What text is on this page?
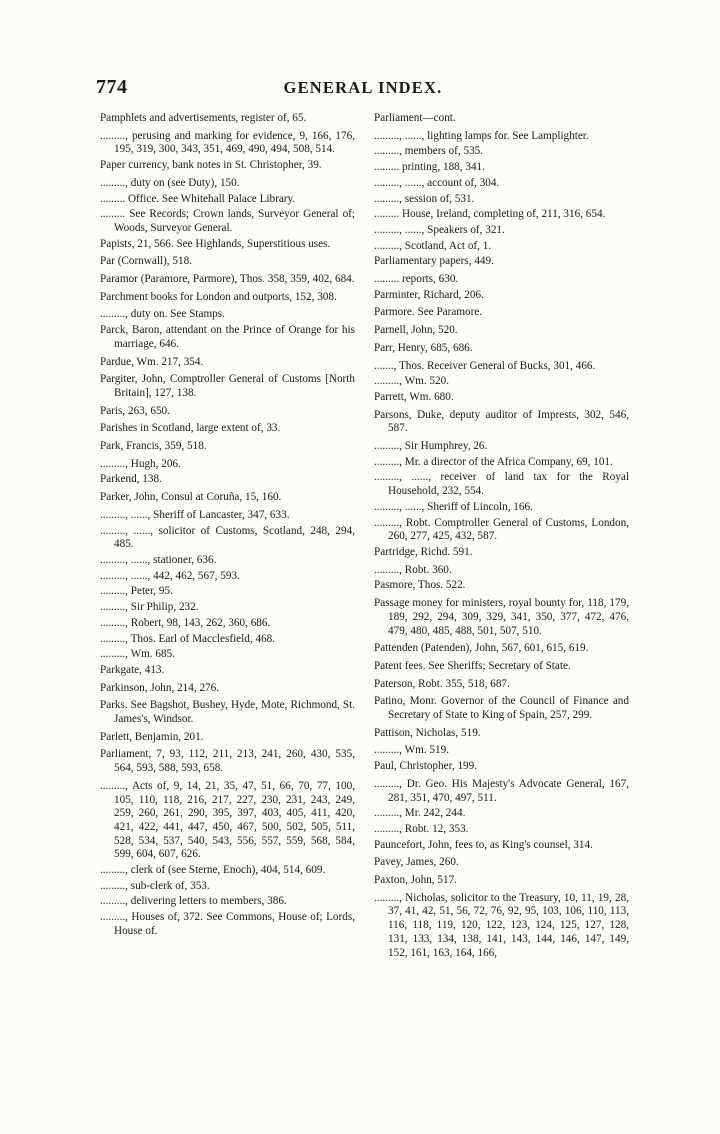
774	GENERAL INDEX.

Pamphlets and advertisements, register of, 65.

........., perusing and marking for evidence, 9, 166, 176, 195, 319, 300, 343, 351, 469, 490, 494, 508, 514.

Paper currency, bank notes in St. Christopher, 39.

........., duty on (see Duty), 150.

......... Office. See Whitehall Palace Library.

......... See Records; Crown lands, Surveyor General of; Woods, Surveyor General.

Papists, 21, 566. See Highlands, Superstitious uses.

Par (Cornwall), 518.

Paramor (Paramore, Parmore), Thos. 358, 359, 402, 684.

Parchment books for London and outports, 152, 308.

........., duty on. See Stamps.

Parck, Baron, attendant on the Prince of Orange for his marriage, 646.

Pardue, Wm. 217, 354.

Pargiter, John, Comptroller General of Customs [North Britain], 127, 138.

Paris, 263, 650.

Parishes in Scotland, large extent of, 33.

Park, Francis, 359, 518.

........., Hugh, 206.

Parkend, 138.

Parker, John, Consul at Coruña, 15, 160.

........., ......, Sheriff of Lancaster, 347, 633.

........., ......, solicitor of Customs, Scotland, 248, 294, 485.

........., ......, stationer, 636.

........., ......, 442, 462, 567, 593.

........., Peter, 95.

........., Sir Philip, 232.

........., Robert, 98, 143, 262, 360, 686.

........., Thos. Earl of Macclesfield, 468.

........., Wm. 685.

Parkgate, 413.

Parkinson, John, 214, 276.

Parks. See Bagshot, Bushey, Hyde, Mote, Richmond, St. James's, Windsor.

Parlett, Benjamin, 201.

Parliament, 7, 93, 112, 211, 213, 241, 260, 430, 535, 564, 593, 588, 593, 658.

........., Acts of, 9, 14, 21, 35, 47, 51, 66, 70, 77, 100, 105, 110, 118, 216, 217, 227, 230, 231, 243, 249, 259, 260, 261, 290, 395, 397, 403, 405, 411, 420, 421, 422, 441, 447, 450, 467, 500, 502, 505, 511, 528, 534, 537, 540, 543, 556, 557, 559, 568, 584, 599, 604, 607, 626.

........., clerk of (see Sterne, Enoch), 404, 514, 609.

........., sub-clerk of, 353.

........., delivering letters to members, 386.

........., Houses of, 372. See Commons, House of; Lords, House of.

Parliament—cont.

........., ......, lighting lamps for. See Lamplighter.

........., members of, 535.

......... printing, 188, 341.

........., ......, account of, 304.

........., session of, 531.

......... House, Ireland, completing of, 211, 316, 654.

........., ......, Speakers of, 321.

........., Scotland, Act of, 1.

Parliamentary papers, 449.

......... reports, 630.

Parminter, Richard, 206.

Parmore. See Paramore.

Parnell, John, 520.

Parr, Henry, 685, 686.

......., Thos. Receiver General of Bucks, 301, 466.

........., Wm. 520.

Parrett, Wm. 680.

Parsons, Duke, deputy auditor of Imprests, 302, 546, 587.

........., Sir Humphrey, 26.

........., Mr. a director of the Africa Company, 69, 101.

........., ......, receiver of land tax for the Royal Household, 232, 554.

........., ......, Sheriff of Lincoln, 166.

........., Robt. Comptroller General of Customs, London, 260, 277, 425, 432, 587.

Partridge, Richd. 591.

........., Robt. 360.

Pasmore, Thos. 522.

Passage money for ministers, royal bounty for, 118, 179, 189, 292, 294, 309, 329, 341, 350, 377, 472, 476, 479, 480, 485, 488, 501, 507, 510.

Pattenden (Patenden), John, 567, 601, 615, 619.

Patent fees. See Sheriffs; Secretary of State.

Paterson, Robt. 355, 518, 687.

Patino, Monr. Governor of the Council of Finance and Secretary of State to King of Spain, 257, 299.

Pattison, Nicholas, 519.

........., Wm. 519.

Paul, Christopher, 199.

........., Dr. Geo. His Majesty's Advocate General, 167, 281, 351, 470, 497, 511.

........., Mr. 242, 244.

........., Robt. 12, 353.

Pauncefort, John, fees to, as King's counsel, 314.

Pavey, James, 260.

Paxton, John, 517.

........., Nicholas, solicitor to the Treasury, 10, 11, 19, 28, 37, 41, 42, 51, 56, 72, 76, 92, 95, 103, 106, 110, 113, 116, 118, 119, 120, 122, 123, 124, 125, 127, 128, 131, 133, 134, 138, 141, 143, 144, 146, 147, 149, 152, 161, 163, 164, 166,
